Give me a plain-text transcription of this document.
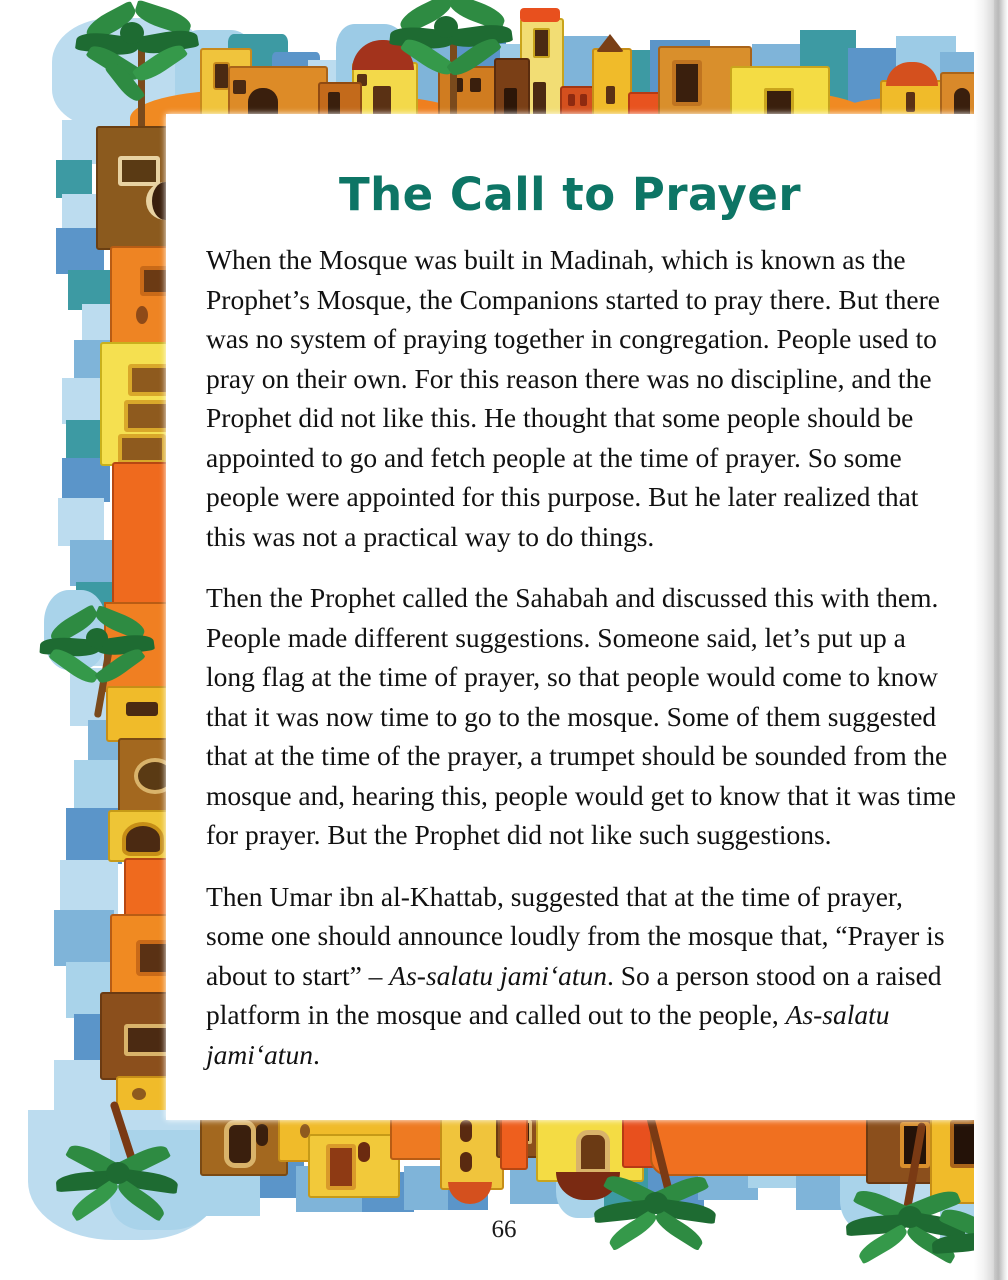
The Call to Prayer

When the Mosque was built in Madinah, which is known as the Prophet’s Mosque, the Companions started to pray there. But there was no system of praying together in congregation. People used to pray on their own. For this reason there was no discipline, and the Prophet did not like this. He thought that some people should be appointed to go and fetch people at the time of prayer. So some people were appointed for this purpose. But he later realized that this was not a practical way to do things.

Then the Prophet called the Sahabah and discussed this with them. People made different suggestions. Someone said, let’s put up a long flag at the time of prayer, so that people would come to know that it was now time to go to the mosque. Some of them suggested that at the time of the prayer, a trumpet should be sounded from the mosque and, hearing this, people would get to know that it was time for prayer. But the Prophet did not like such suggestions.

Then Umar ibn al-Khattab, suggested that at the time of prayer, some one should announce loudly from the mosque that, “Prayer is about to start” – As-salatu jamiʻatun. So a person stood on a raised platform in the mosque and called out to the people, As-salatu jamiʻatun.

66
